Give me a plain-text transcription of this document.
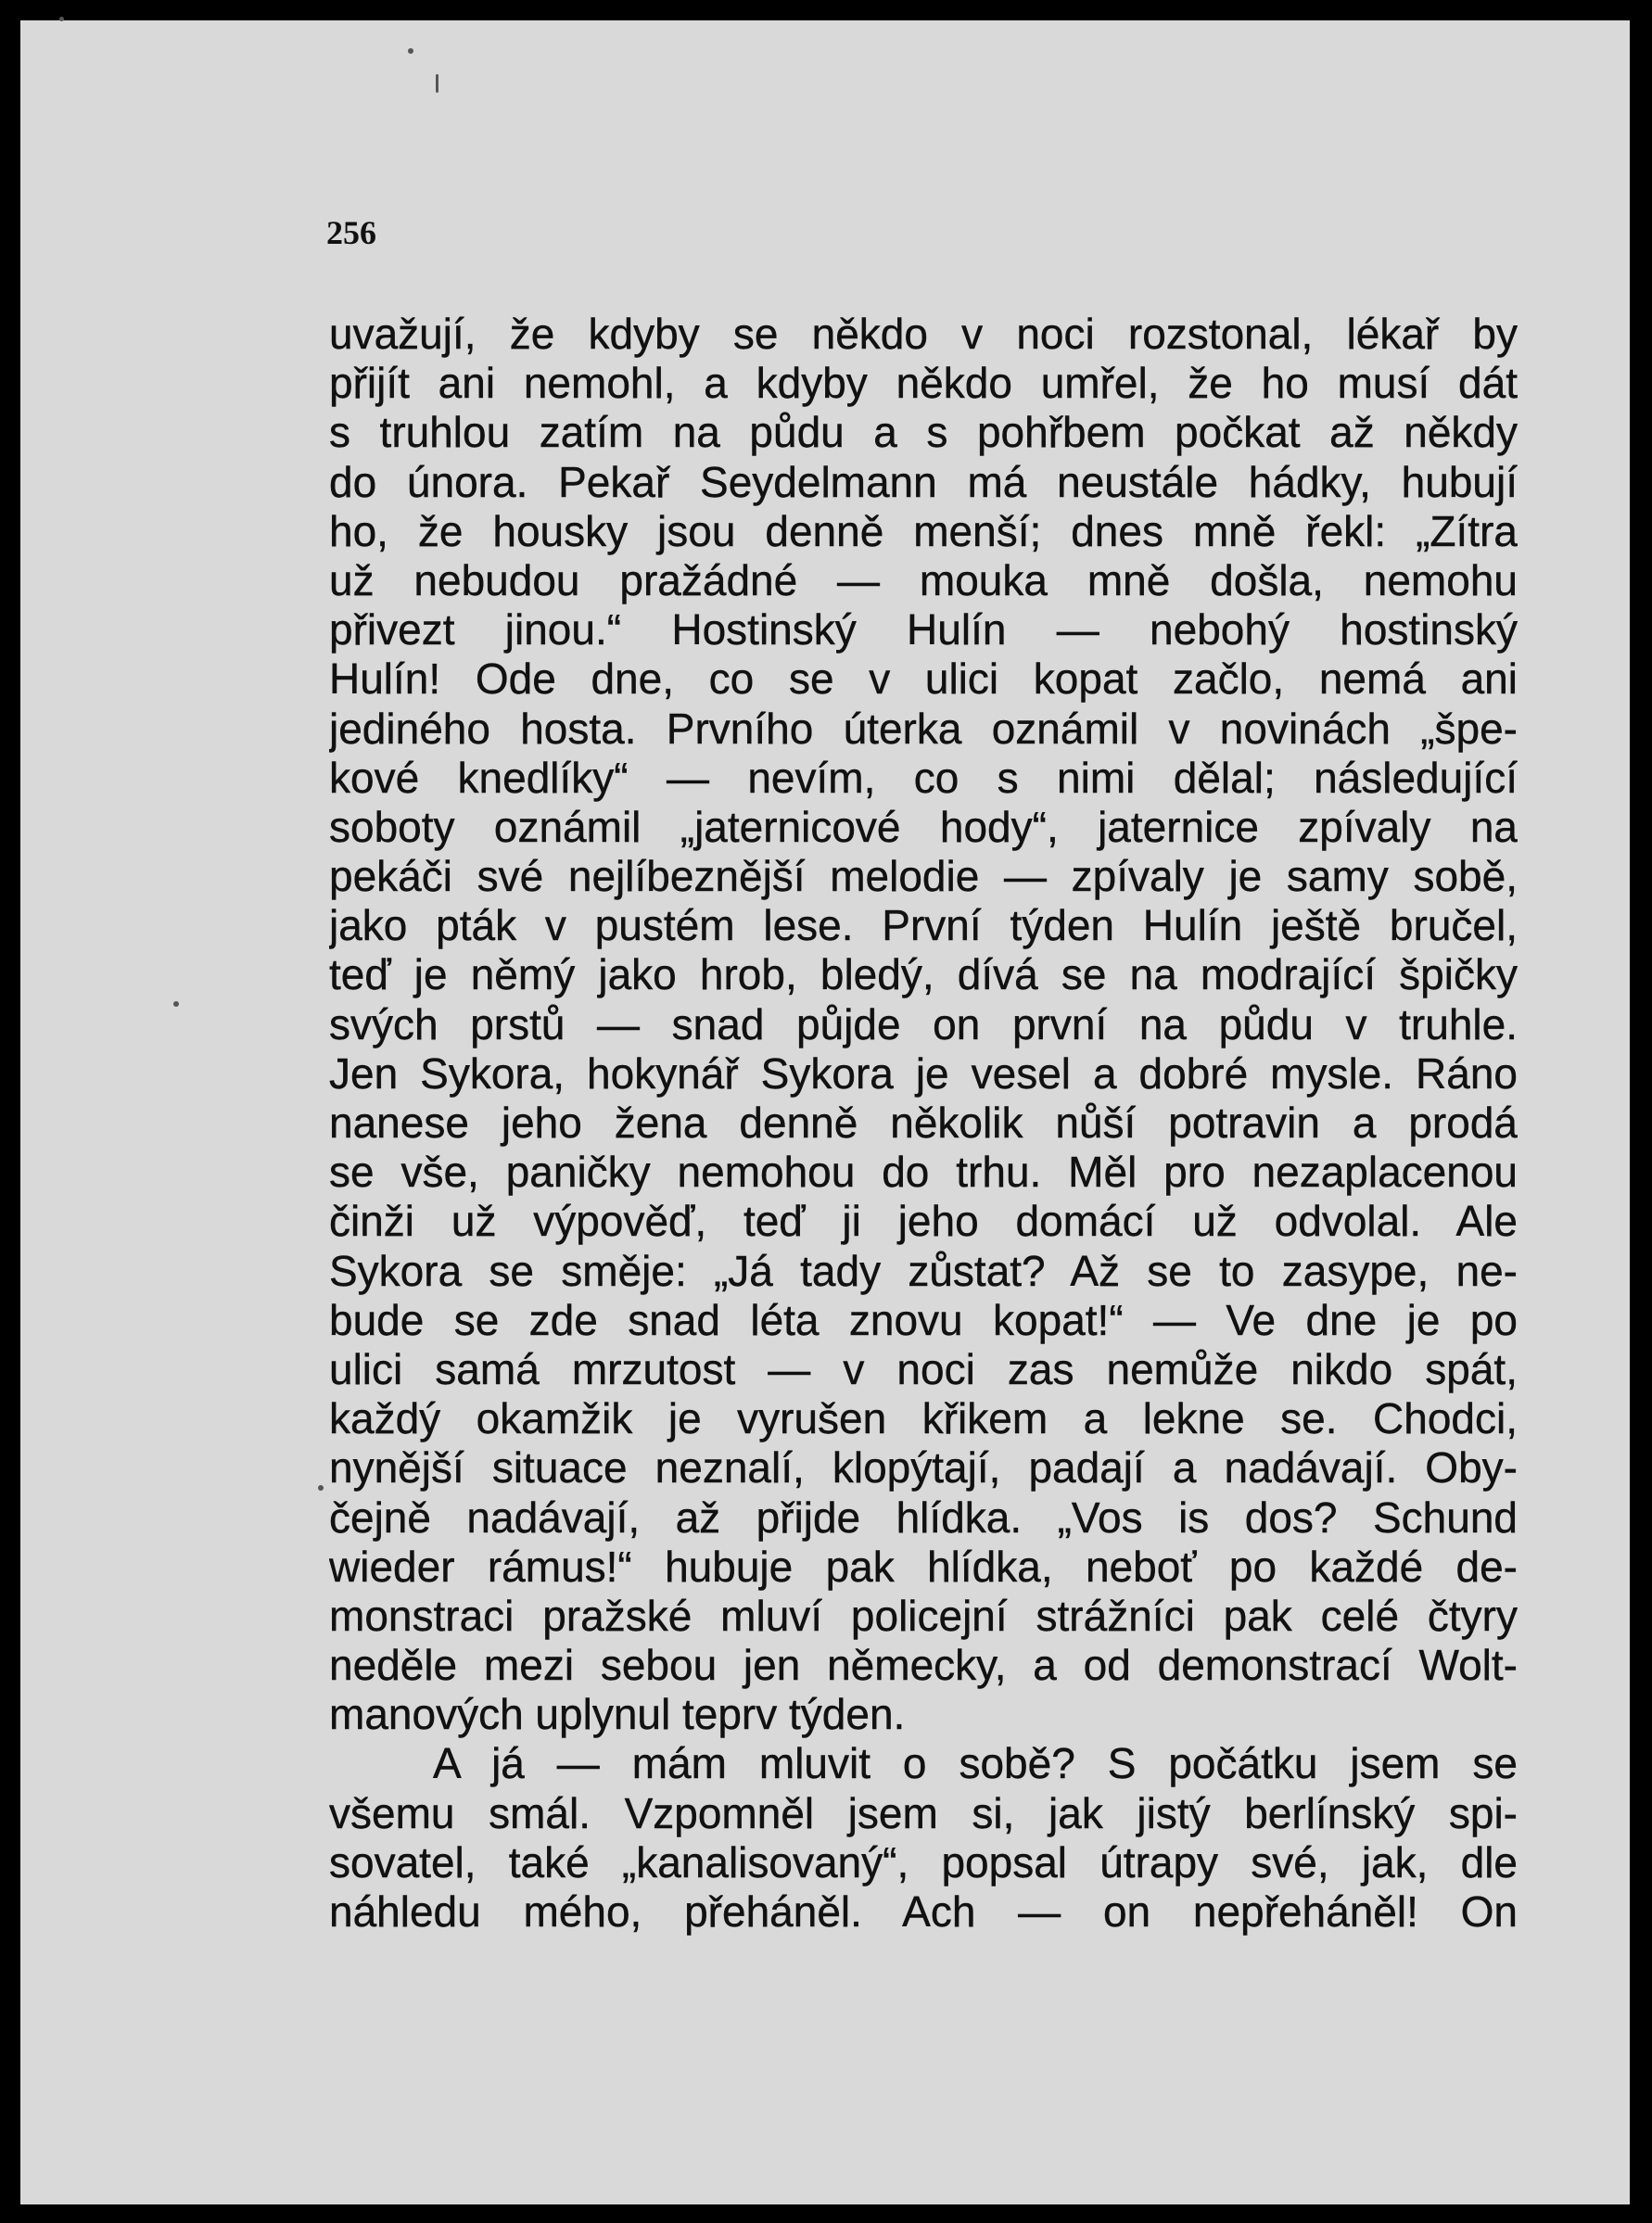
256
uvažují, že kdyby se někdo v noci rozstonal, lékař by
přijít ani nemohl, a kdyby někdo umřel, že ho musí dát
s truhlou zatím na půdu a s pohřbem počkat až někdy
do února. Pekař Seydelmann má neustále hádky, hubují
ho, že housky jsou denně menší; dnes mně řekl: „Zítra
už nebudou pražádné — mouka mně došla, nemohu
přivezt jinou.“ Hostinský Hulín — nebohý hostinský
Hulín! Ode dne, co se v ulici kopat začlo, nemá ani
jediného hosta. Prvního úterka oznámil v novinách „špe-
kové knedlíky“ — nevím, co s nimi dělal; následující
soboty oznámil „jaternicové hody“, jaternice zpívaly na
pekáči své nejlíbeznější melodie — zpívaly je samy sobě,
jako pták v pustém lese. První týden Hulín ještě bručel,
teď je němý jako hrob, bledý, dívá se na modrající špičky
svých prstů — snad půjde on první na půdu v truhle.
Jen Sykora, hokynář Sykora je vesel a dobré mysle. Ráno
nanese jeho žena denně několik nůší potravin a prodá
se vše, paničky nemohou do trhu. Měl pro nezaplacenou
činži už výpověď, teď ji jeho domácí už odvolal. Ale
Sykora se směje: „Já tady zůstat? Až se to zasype, ne-
bude se zde snad léta znovu kopat!“ — Ve dne je po
ulici samá mrzutost — v noci zas nemůže nikdo spát,
každý okamžik je vyrušen křikem a lekne se. Chodci,
nynější situace neznalí, klopýtají, padají a nadávají. Oby-
čejně nadávají, až přijde hlídka. „Vos is dos? Schund
wieder rámus!“ hubuje pak hlídka, neboť po každé de-
monstraci pražské mluví policejní strážníci pak celé čtyry
neděle mezi sebou jen německy, a od demonstrací Wolt-
manových uplynul teprv týden.
A já — mám mluvit o sobě? S počátku jsem se
všemu smál. Vzpomněl jsem si, jak jistý berlínský spi-
sovatel, také „kanalisovaný“, popsal útrapy své, jak, dle
náhledu mého, přeháněl. Ach — on nepřeháněl! On
